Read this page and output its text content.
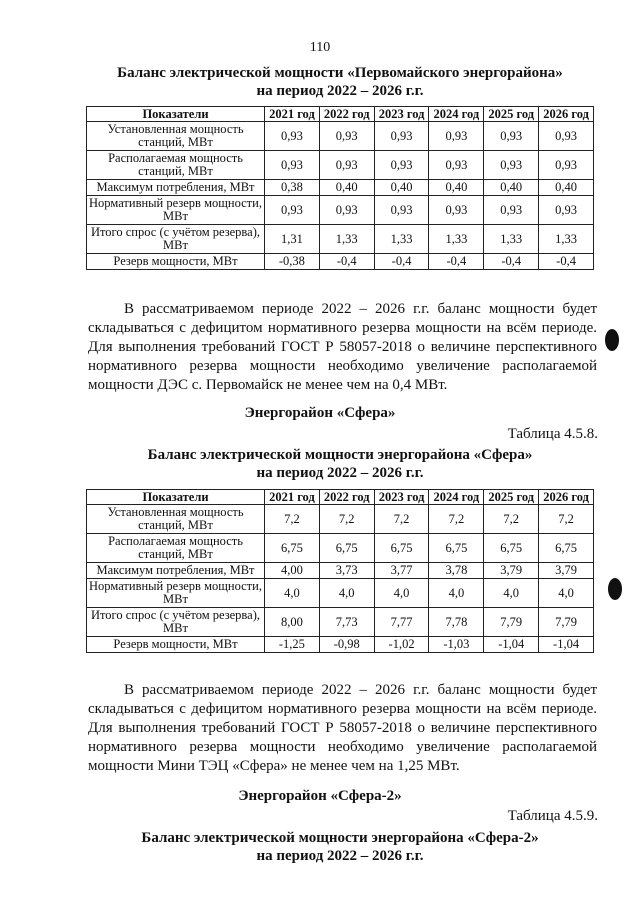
110
Баланс электрической мощности «Первомайского энергорайона»
на период 2022 – 2026 г.г.
Показатели	2021 год	2022 год	2023 год	2024 год	2025 год	2026 год
Установленная мощность станций, МВт	0,93	0,93	0,93	0,93	0,93	0,93
Располагаемая мощность станций, МВт	0,93	0,93	0,93	0,93	0,93	0,93
Максимум потребления, МВт	0,38	0,40	0,40	0,40	0,40	0,40
Нормативный резерв мощности, МВт	0,93	0,93	0,93	0,93	0,93	0,93
Итого спрос (с учётом резерва), МВт	1,31	1,33	1,33	1,33	1,33	1,33
Резерв мощности, МВт	-0,38	-0,4	-0,4	-0,4	-0,4	-0,4
В рассматриваемом периоде 2022 – 2026 г.г. баланс мощности будет складываться с дефицитом нормативного резерва мощности на всём периоде. Для выполнения требований ГОСТ Р 58057-2018 о величине перспективного нормативного резерва мощности необходимо увеличение располагаемой мощности ДЭС с. Первомайск не менее чем на 0,4 МВт.
Энергорайон «Сфера»
Таблица 4.5.8.
Баланс электрической мощности энергорайона «Сфера»
на период 2022 – 2026 г.г.
Показатели	2021 год	2022 год	2023 год	2024 год	2025 год	2026 год
Установленная мощность станций, МВт	7,2	7,2	7,2	7,2	7,2	7,2
Располагаемая мощность станций, МВт	6,75	6,75	6,75	6,75	6,75	6,75
Максимум потребления, МВт	4,00	3,73	3,77	3,78	3,79	3,79
Нормативный резерв мощности, МВт	4,0	4,0	4,0	4,0	4,0	4,0
Итого спрос (с учётом резерва), МВт	8,00	7,73	7,77	7,78	7,79	7,79
Резерв мощности, МВт	-1,25	-0,98	-1,02	-1,03	-1,04	-1,04
В рассматриваемом периоде 2022 – 2026 г.г. баланс мощности будет складываться с дефицитом нормативного резерва мощности на всём периоде. Для выполнения требований ГОСТ Р 58057-2018 о величине перспективного нормативного резерва мощности необходимо увеличение располагаемой мощности Мини ТЭЦ «Сфера» не менее чем на 1,25 МВт.
Энергорайон «Сфера-2»
Таблица 4.5.9.
Баланс электрической мощности энергорайона «Сфера-2»
на период 2022 – 2026 г.г.
